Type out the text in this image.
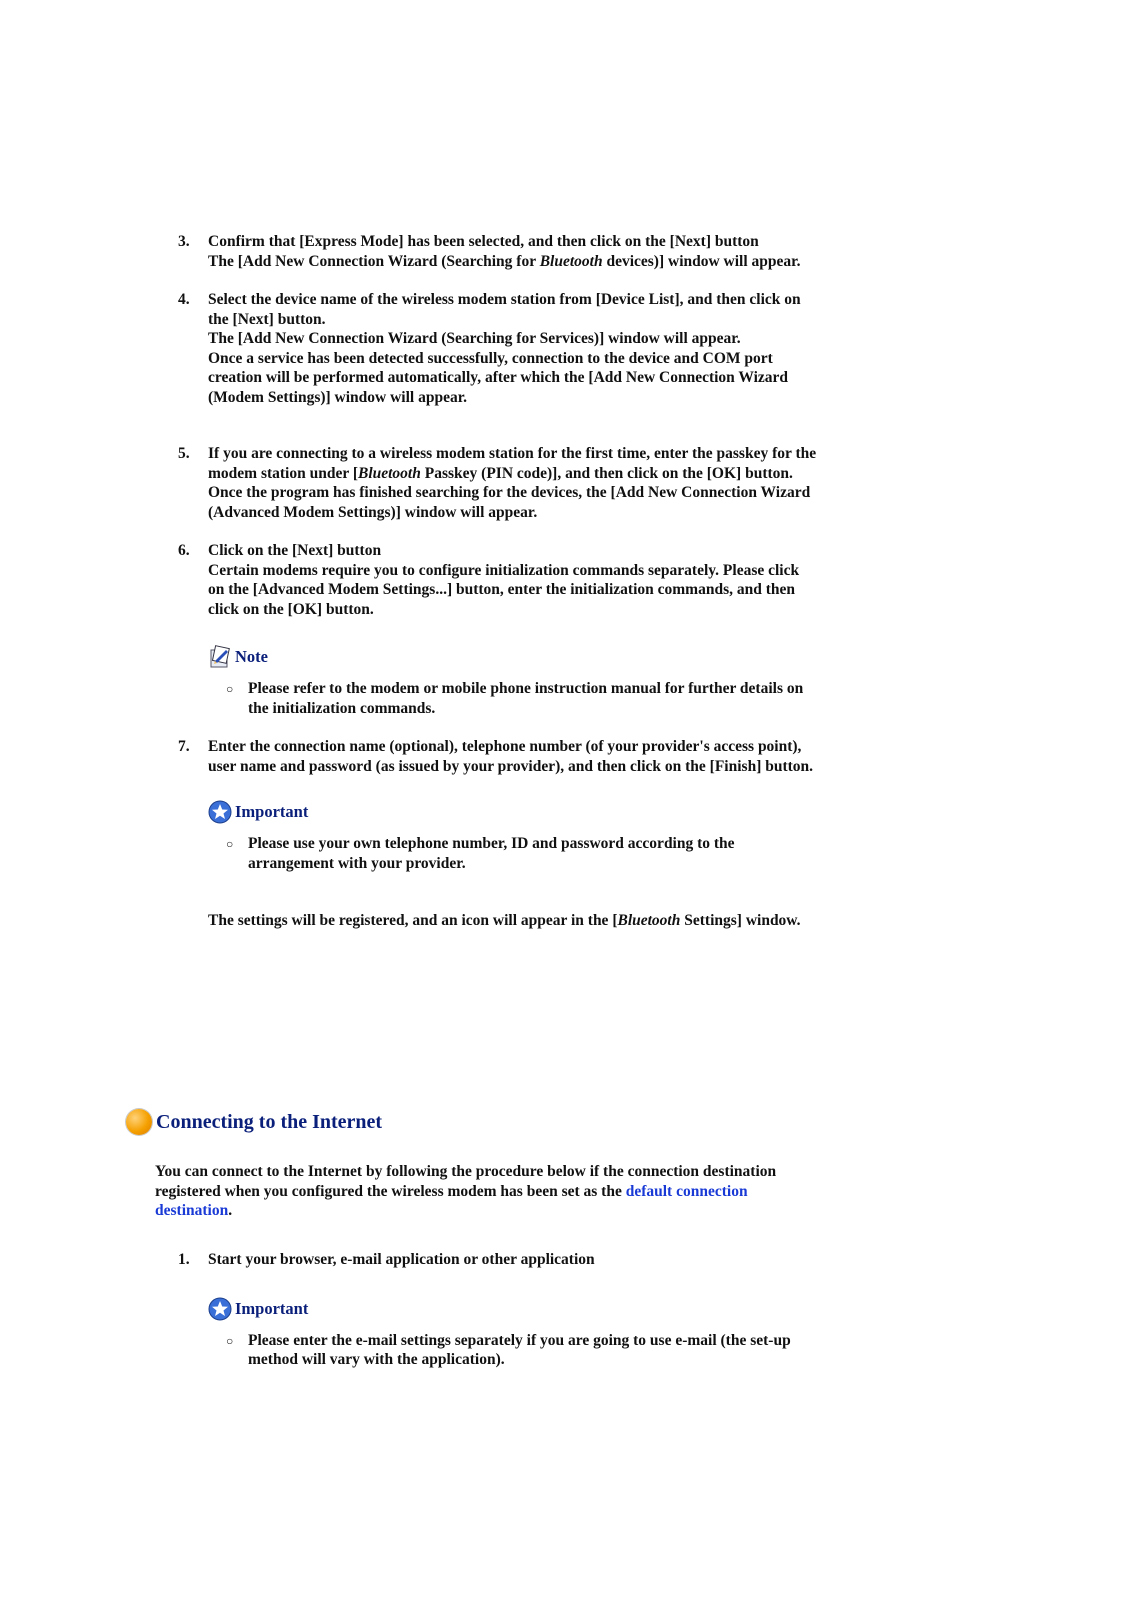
3.	Confirm that [Express Mode] has been selected, and then click on the [Next] button

The [Add New Connection Wizard (Searching for Bluetooth devices)] window will appear.

4.	Select the device name of the wireless modem station from [Device List], and then click on the [Next] button.

The [Add New Connection Wizard (Searching for Services)] window will appear.

Once a service has been detected successfully, connection to the device and COM port creation will be performed automatically, after which the [Add New Connection Wizard (Modem Settings)] window will appear.

5.	If you are connecting to a wireless modem station for the first time, enter the passkey for the modem station under [Bluetooth Passkey (PIN code)], and then click on the [OK] button.

Once the program has finished searching for the devices, the [Add New Connection Wizard (Advanced Modem Settings)] window will appear.

6.	Click on the [Next] button

Certain modems require you to configure initialization commands separately. Please click on the [Advanced Modem Settings...] button, enter the initialization commands, and then click on the [OK] button.

Note
○ Please refer to the modem or mobile phone instruction manual for further details on the initialization commands.
7.	Enter the connection name (optional), telephone number (of your provider's access point), user name and password (as issued by your provider), and then click on the [Finish] button.

Important
○ Please use your own telephone number, ID and password according to the arrangement with your provider.
The settings will be registered, and an icon will appear in the [Bluetooth Settings] window.
Connecting to the Internet
You can connect to the Internet by following the procedure below if the connection destination registered when you configured the wireless modem has been set as the default connection destination.
1.	Start your browser, e-mail application or other application
Important
○ Please enter the e-mail settings separately if you are going to use e-mail (the set-up method will vary with the application).
